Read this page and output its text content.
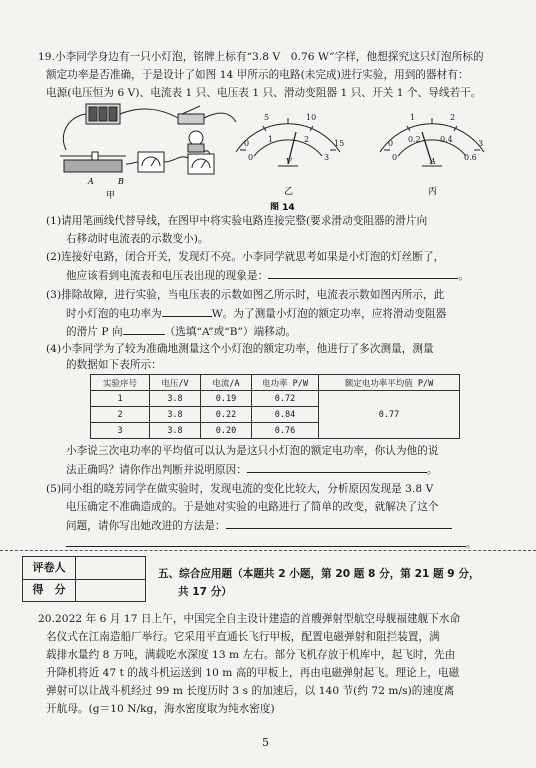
19.小李同学身边有一只小灯泡，铭牌上标有“3.8 V　0.76 W”字样，他想探究这只灯泡所标的
额定功率是否准确，于是设计了如图 14 甲所示的电路(未完成)进行实验，用到的器材有：
电源(电压恒为 6 V)、电流表 1 只、电压表 1 只、滑动变阻器 1 只、开关 1 个、导线若干。
A	B
5	10
1	2
0	15
0	3
V
1	2
0.2 0.4
0	3
0	0.6
A
甲	乙	丙
图 14
(1)请用笔画线代替导线，在图甲中将实验电路连接完整(要求滑动变阻器的滑片向
右移动时电流表的示数变小)。
(2)连接好电路，闭合开关，发现灯不亮。小李同学就思考如果是小灯泡的灯丝断了，
他应该看到电流表和电压表出现的现象是：	。
(3)排除故障，进行实验，当电压表的示数如图乙所示时，电流表示数如图丙所示，此
时小灯泡的电功率为	W。为了测量小灯泡的额定功率，应将滑动变阻器
的滑片 P 向	（选填“A”或“B”）端移动。
(4)小李同学为了较为准确地测量这个小灯泡的额定功率，他进行了多次测量，测量
的数据如下表所示：
实验序号	电压/V	电流/A	电功率 P/W	额定电功率平均值 P/W
1	3.8	0.19	0.72	0.77
2	3.8	0.22	0.84	
3	3.8	0.20	0.76	
小李说三次电功率的平均值可以认为是这只小灯泡的额定电功率，你认为他的说
法正确吗？请你作出判断并说明原因：	。
(5)同小组的晓芳同学在做实验时，发现电流的变化比较大，分析原因发现是 3.8 V
电压确定不准确造成的。于是她对实验的电路进行了简单的改变，就解决了这个
问题，请你写出她改进的方法是：
。
评卷人
得　分
五、综合应用题（本题共 2 小题，第 20 题 8 分，第 21 题 9 分，
共 17 分）
20.2022 年 6 月 17 日上午，中国完全自主设计建造的首艘弹射型航空母舰福建舰下水命
名仪式在江南造船厂举行。它采用平直通长飞行甲板，配置电磁弹射和阻拦装置，满
载排水量约 8 万吨，满载吃水深度 13 m 左右。部分飞机存放于机库中，起飞时，先由
升降机将近 47 t 的战斗机运送到 10 m 高的甲板上，再由电磁弹射起飞。理论上，电磁
弹射可以让战斗机经过 99 m 长度历时 3 s 的加速后，以 140 节(约 72 m/s)的速度离
开航母。(g＝10 N/kg，海水密度取为纯水密度)
5
